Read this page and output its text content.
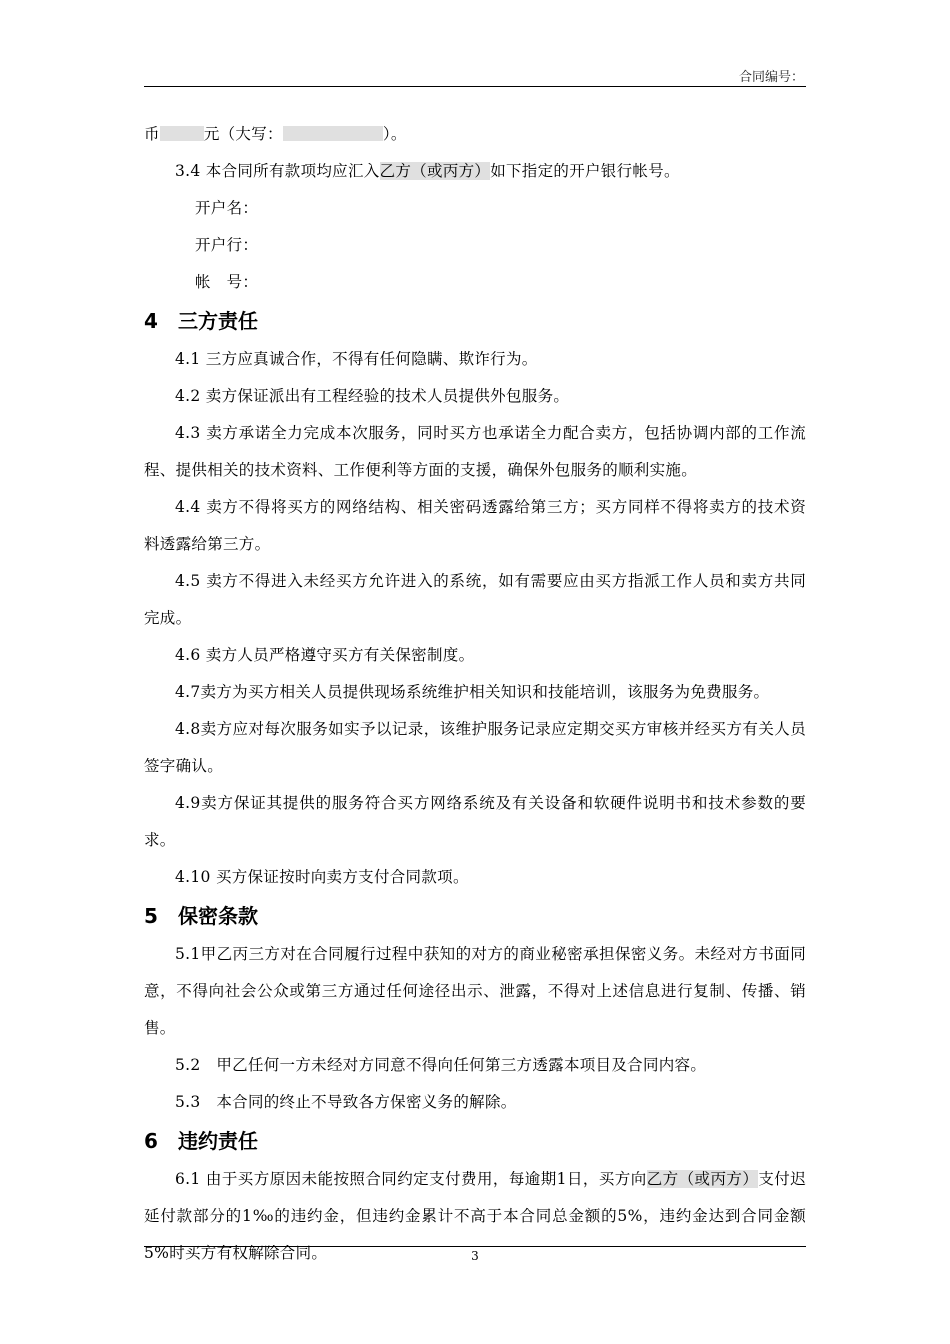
合同编号：

币	元（大写：	）。

3.4 本合同所有款项均应汇入乙方（或丙方）如下指定的开户银行帐号。

开户名：

开户行：

帐　号：

4 三方责任

4.1 三方应真诚合作，不得有任何隐瞒、欺诈行为。

4.2 卖方保证派出有工程经验的技术人员提供外包服务。

4.3 卖方承诺全力完成本次服务，同时买方也承诺全力配合卖方，包括协调内部的工作流程、提供相关的技术资料、工作便利等方面的支援，确保外包服务的顺利实施。

4.4 卖方不得将买方的网络结构、相关密码透露给第三方；买方同样不得将卖方的技术资料透露给第三方。

4.5 卖方不得进入未经买方允许进入的系统，如有需要应由买方指派工作人员和卖方共同完成。

4.6 卖方人员严格遵守买方有关保密制度。

4.7卖方为买方相关人员提供现场系统维护相关知识和技能培训，该服务为免费服务。

4.8卖方应对每次服务如实予以记录，该维护服务记录应定期交买方审核并经买方有关人员签字确认。

4.9卖方保证其提供的服务符合买方网络系统及有关设备和软硬件说明书和技术参数的要求。

4.10 买方保证按时向卖方支付合同款项。

5 保密条款

5.1甲乙丙三方对在合同履行过程中获知的对方的商业秘密承担保密义务。未经对方书面同意，不得向社会公众或第三方通过任何途径出示、泄露，不得对上述信息进行复制、传播、销售。

5.2　甲乙任何一方未经对方同意不得向任何第三方透露本项目及合同内容。

5.3　本合同的终止不导致各方保密义务的解除。

6 违约责任

6.1 由于买方原因未能按照合同约定支付费用，每逾期1日，买方向乙方（或丙方）支付迟延付款部分的1‰的违约金，但违约金累计不高于本合同总金额的5%，违约金达到合同金额5%时买方有权解除合同。	3
